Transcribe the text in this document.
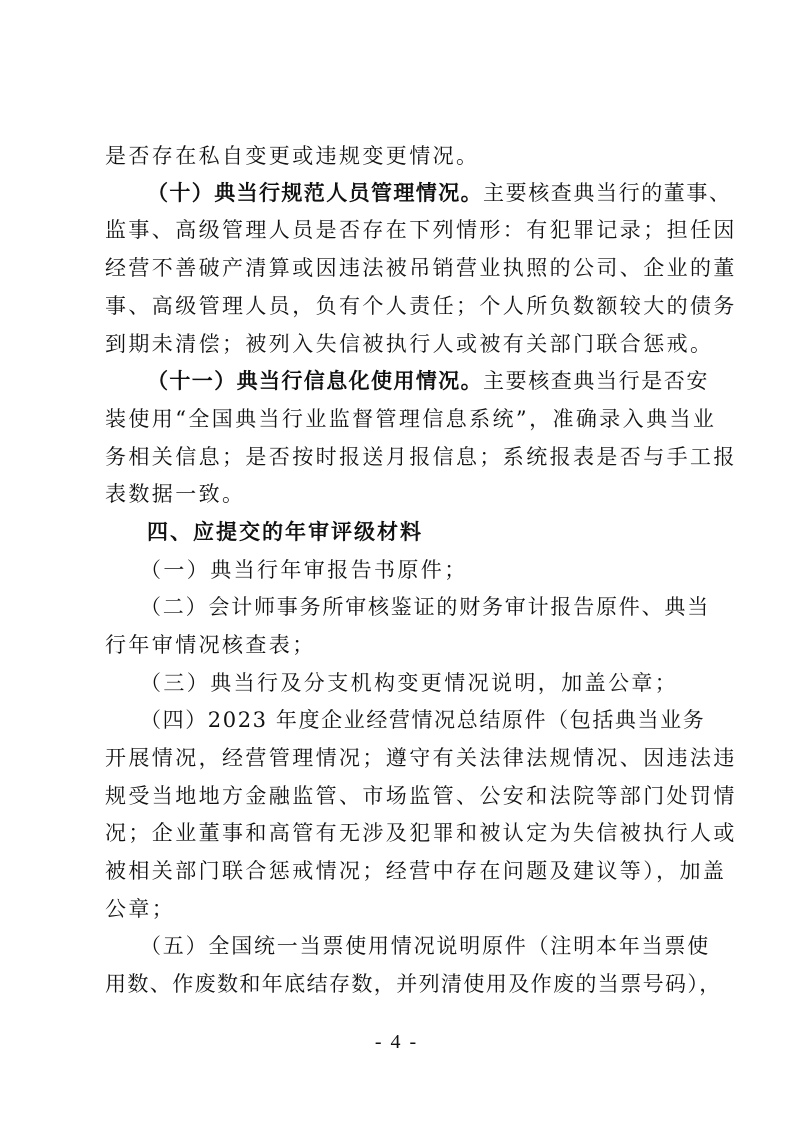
是否存在私自变更或违规变更情况。
（十）典当行规范人员管理情况。主要核查典当行的董事、
监事、高级管理人员是否存在下列情形：有犯罪记录；担任因
经营不善破产清算或因违法被吊销营业执照的公司、企业的董
事、高级管理人员，负有个人责任；个人所负数额较大的债务
到期未清偿；被列入失信被执行人或被有关部门联合惩戒。
（十一）典当行信息化使用情况。主要核查典当行是否安
装使用“全国典当行业监督管理信息系统”，准确录入典当业
务相关信息；是否按时报送月报信息；系统报表是否与手工报
表数据一致。
四、应提交的年审评级材料
（一）典当行年审报告书原件；
（二）会计师事务所审核鉴证的财务审计报告原件、典当
行年审情况核查表；
（三）典当行及分支机构变更情况说明，加盖公章；
（四）2023 年度企业经营情况总结原件（包括典当业务
开展情况，经营管理情况；遵守有关法律法规情况、因违法违
规受当地地方金融监管、市场监管、公安和法院等部门处罚情
况；企业董事和高管有无涉及犯罪和被认定为失信被执行人或
被相关部门联合惩戒情况；经营中存在问题及建议等），加盖
公章；
（五）全国统一当票使用情况说明原件（注明本年当票使
用数、作废数和年底结存数，并列清使用及作废的当票号码），
- 4 -
